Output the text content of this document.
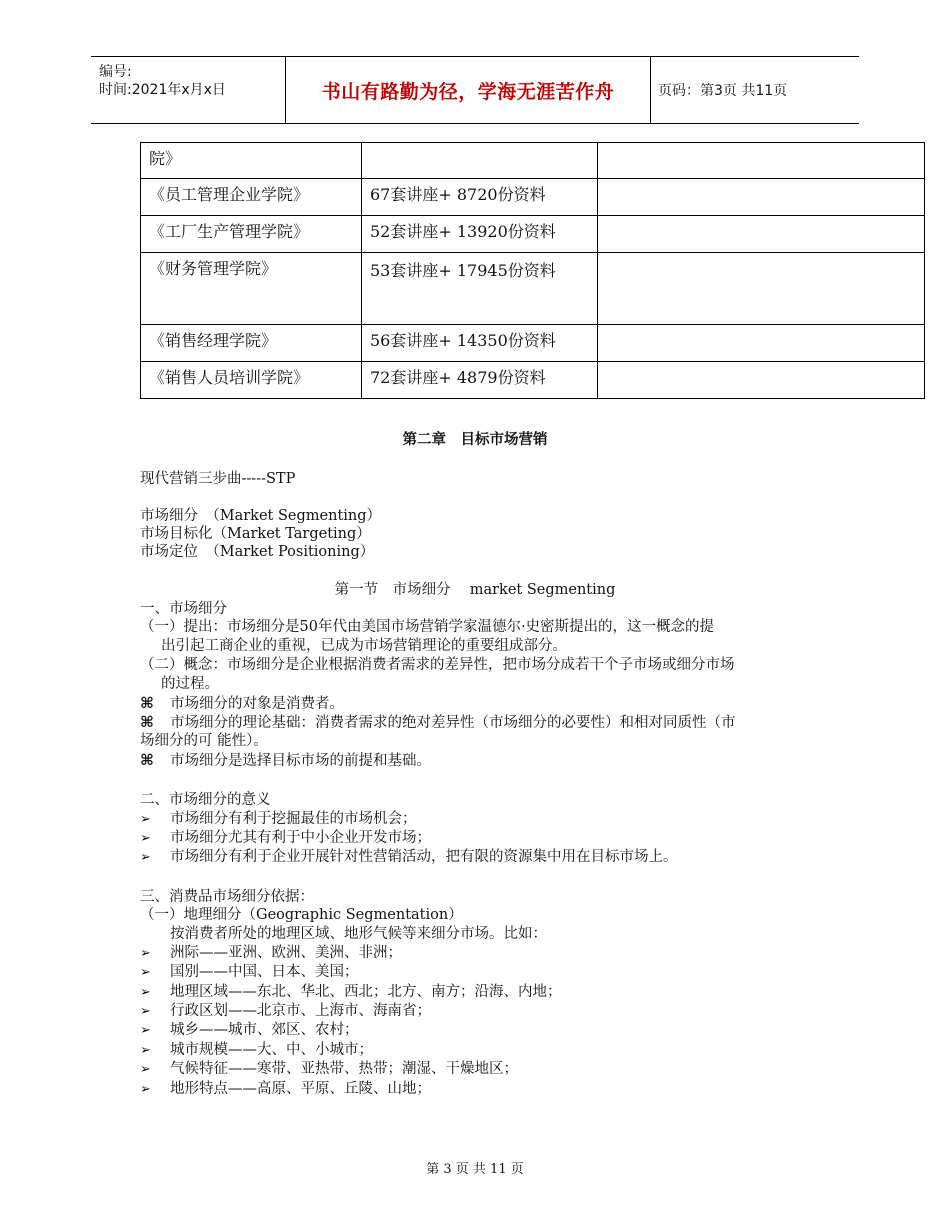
编号:
时间:2021年x月x日	书山有路勤为径，学海无涯苦作舟	页码：第3页 共11页
院》		
《员工管理企业学院》	67套讲座+ 8720份资料	
《工厂生产管理学院》	52套讲座+ 13920份资料	
《财务管理学院》	53套讲座+ 17945份资料	

《销售经理学院》	56套讲座+ 14350份资料	
《销售人员培训学院》	72套讲座+ 4879份资料	
第二章　目标市场营销
现代营销三步曲-----STP
市场细分　（Market Segmenting）
市场目标化（Market Targeting）
市场定位　（Market Positioning）
第一节　市场细分　 market Segmenting
一、市场细分
（一）提出：市场细分是50年代由美国市场营销学家温德尔·史密斯提出的，这一概念的提
出引起工商企业的重视，已成为市场营销理论的重要组成部分。
（二）概念：市场细分是企业根据消费者需求的差异性，把市场分成若干个子市场或细分市场
的过程。
⌘ 市场细分的对象是消费者。
⌘ 市场细分的理论基础：消费者需求的绝对差异性（市场细分的必要性）和相对同质性（市
场细分的可 能性）。
⌘ 市场细分是选择目标市场的前提和基础。
二、市场细分的意义
➢ 市场细分有利于挖掘最佳的市场机会；
➢ 市场细分尤其有利于中小企业开发市场；
➢ 市场细分有利于企业开展针对性营销活动，把有限的资源集中用在目标市场上。
三、消费品市场细分依据：
（一）地理细分（Geographic Segmentation）
按消费者所处的地理区域、地形气候等来细分市场。比如：
➢ 洲际——亚洲、欧洲、美洲、非洲；
➢ 国别——中国、日本、美国；
➢ 地理区域——东北、华北、西北；北方、南方；沿海、内地；
➢ 行政区划——北京市、上海市、海南省；
➢ 城乡——城市、郊区、农村；
➢ 城市规模——大、中、小城市；
➢ 气候特征——寒带、亚热带、热带；潮湿、干燥地区；
➢ 地形特点——高原、平原、丘陵、山地；
第 3 页 共 11 页
